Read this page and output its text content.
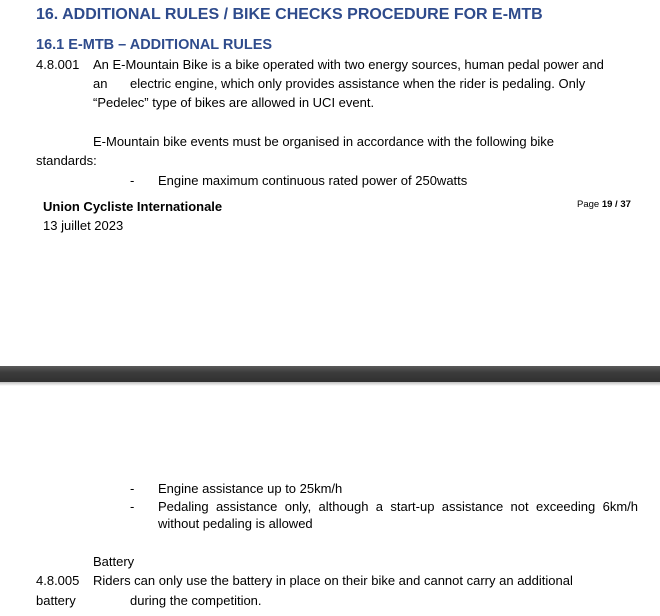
16. ADDITIONAL RULES / BIKE CHECKS PROCEDURE FOR E-MTB
16.1 E-MTB – ADDITIONAL RULES
4.8.001 An E-Mountain Bike is a bike operated with two energy sources, human pedal power and
an electric engine, which only provides assistance when the rider is pedaling. Only
“Pedelec” type of bikes are allowed in UCI event.
E-Mountain bike events must be organised in accordance with the following bike
standards:
- Engine maximum continuous rated power of 250watts
Union Cycliste Internationale
13 juillet 2023
Page 19 / 37
- Engine assistance up to 25km/h
- Pedaling assistance only, although a start-up assistance not exceeding 6km/h without pedaling is allowed
Battery
4.8.005 Riders can only use the battery in place on their bike and cannot carry an additional
battery	during the competition.
